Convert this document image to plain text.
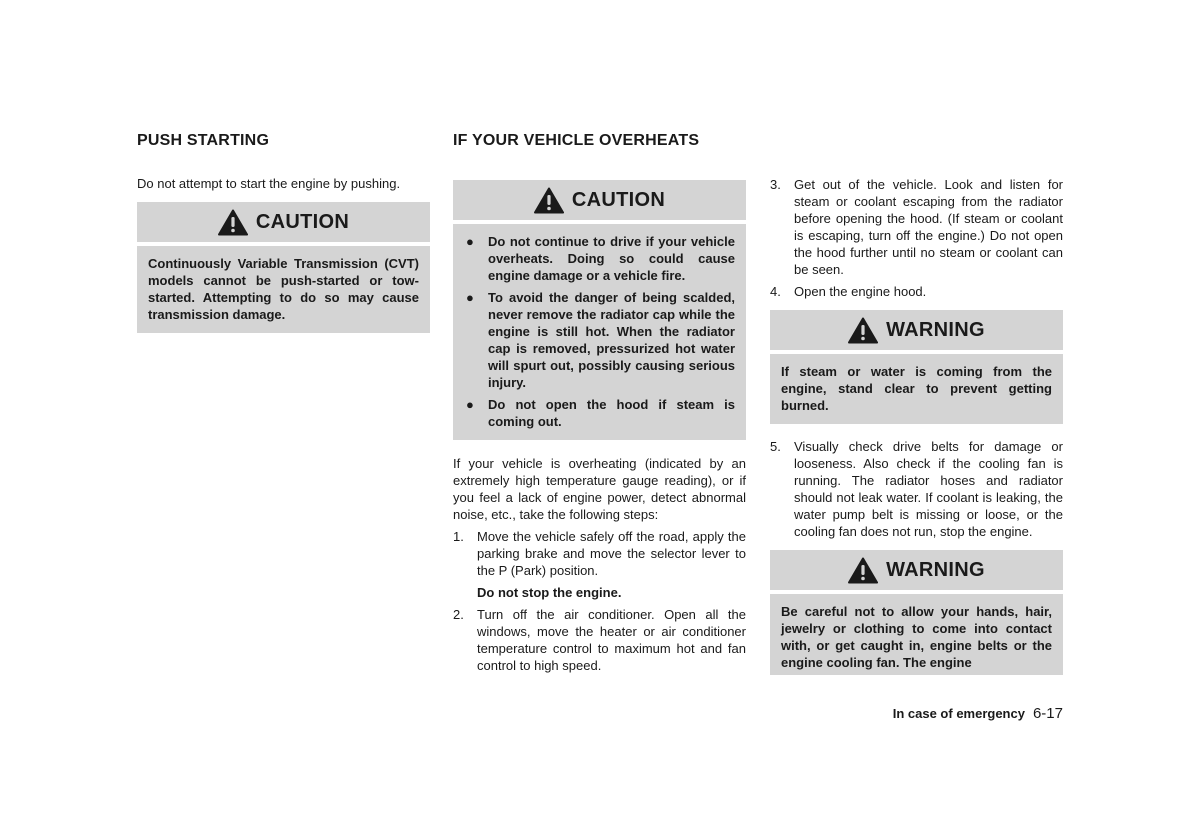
PUSH STARTING

Do not attempt to start the engine by pushing.

CAUTION
Continuously Variable Transmission (CVT) models cannot be push-started or tow-started. Attempting to do so may cause transmission damage.
IF YOUR VEHICLE OVERHEATS
CAUTION
● Do not continue to drive if your vehicle overheats. Doing so could cause engine damage or a vehicle fire.
● To avoid the danger of being scalded, never remove the radiator cap while the engine is still hot. When the radiator cap is removed, pressurized hot water will spurt out, possibly causing serious injury.
● Do not open the hood if steam is coming out.

If your vehicle is overheating (indicated by an extremely high temperature gauge reading), or if you feel a lack of engine power, detect abnormal noise, etc., take the following steps:

1. Move the vehicle safely off the road, apply the parking brake and move the selector lever to the P (Park) position.
Do not stop the engine.
2. Turn off the air conditioner. Open all the windows, move the heater or air conditioner temperature control to maximum hot and fan control to high speed.
3. Get out of the vehicle. Look and listen for steam or coolant escaping from the radiator before opening the hood. (If steam or coolant is escaping, turn off the engine.) Do not open the hood further until no steam or coolant can be seen.
4. Open the engine hood.
WARNING
If steam or water is coming from the engine, stand clear to prevent getting burned.
5. Visually check drive belts for damage or looseness. Also check if the cooling fan is running. The radiator hoses and radiator should not leak water. If coolant is leaking, the water pump belt is missing or loose, or the cooling fan does not run, stop the engine.
WARNING
Be careful not to allow your hands, hair, jewelry or clothing to come into contact with, or get caught in, engine belts or the engine cooling fan. The engine
In case of emergency 6-17
